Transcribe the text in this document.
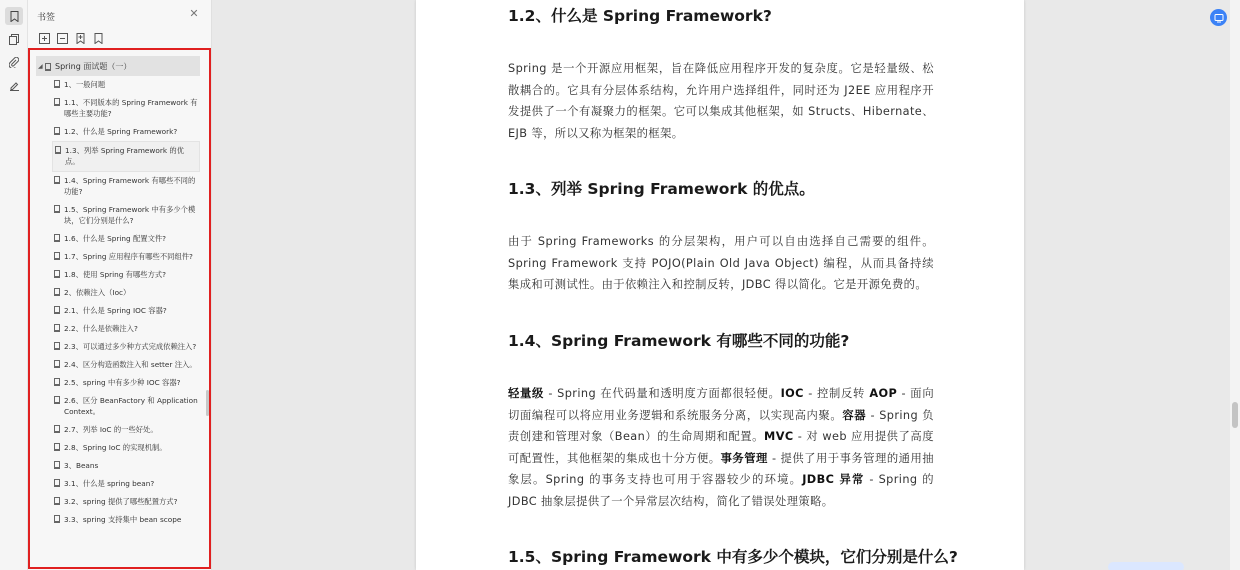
书签	✕
◢ Spring 面试题（一）
1、一般问题
1.1、不同版本的 Spring Framework 有哪些主要功能?
1.2、什么是 Spring Framework?
1.3、列举 Spring Framework 的优点。
1.4、Spring Framework 有哪些不同的功能?
1.5、Spring Framework 中有多少个模块，它们分别是什么?
1.6、什么是 Spring 配置文件?
1.7、Spring 应用程序有哪些不同组件?
1.8、使用 Spring 有哪些方式?
2、依赖注入（Ioc）
2.1、什么是 Spring IOC 容器?
2.2、什么是依赖注入?
2.3、可以通过多少种方式完成依赖注入?
2.4、区分构造函数注入和 setter 注入。
2.5、spring 中有多少种 IOC 容器?
2.6、区分 BeanFactory 和 ApplicationContext。
2.7、列举 IoC 的一些好处。
2.8、Spring IoC 的实现机制。
3、Beans
3.1、什么是 spring bean?
3.2、spring 提供了哪些配置方式?
3.3、spring 支持集中 bean scope
1.2、什么是 Spring Framework?
Spring 是一个开源应用框架，旨在降低应用程序开发的复杂度。它是轻量级、松散耦合的。它具有分层体系结构，允许用户选择组件，同时还为 J2EE 应用程序开发提供了一个有凝聚力的框架。它可以集成其他框架，如 Structs、Hibernate、EJB 等，所以又称为框架的框架。
1.3、列举 Spring Framework 的优点。
由于 Spring Frameworks 的分层架构，用户可以自由选择自己需要的组件。Spring Framework 支持 POJO(Plain Old Java Object) 编程，从而具备持续集成和可测试性。由于依赖注入和控制反转，JDBC 得以简化。它是开源免费的。
1.4、Spring Framework 有哪些不同的功能?
轻量级 - Spring 在代码量和透明度方面都很轻便。IOC - 控制反转 AOP - 面向切面编程可以将应用业务逻辑和系统服务分离，以实现高内聚。容器 - Spring 负责创建和管理对象（Bean）的生命周期和配置。MVC - 对 web 应用提供了高度可配置性，其他框架的集成也十分方便。事务管理 - 提供了用于事务管理的通用抽象层。Spring 的事务支持也可用于容器较少的环境。JDBC 异常 - Spring 的 JDBC 抽象层提供了一个异常层次结构，简化了错误处理策略。
1.5、Spring Framework 中有多少个模块，它们分别是什么?
